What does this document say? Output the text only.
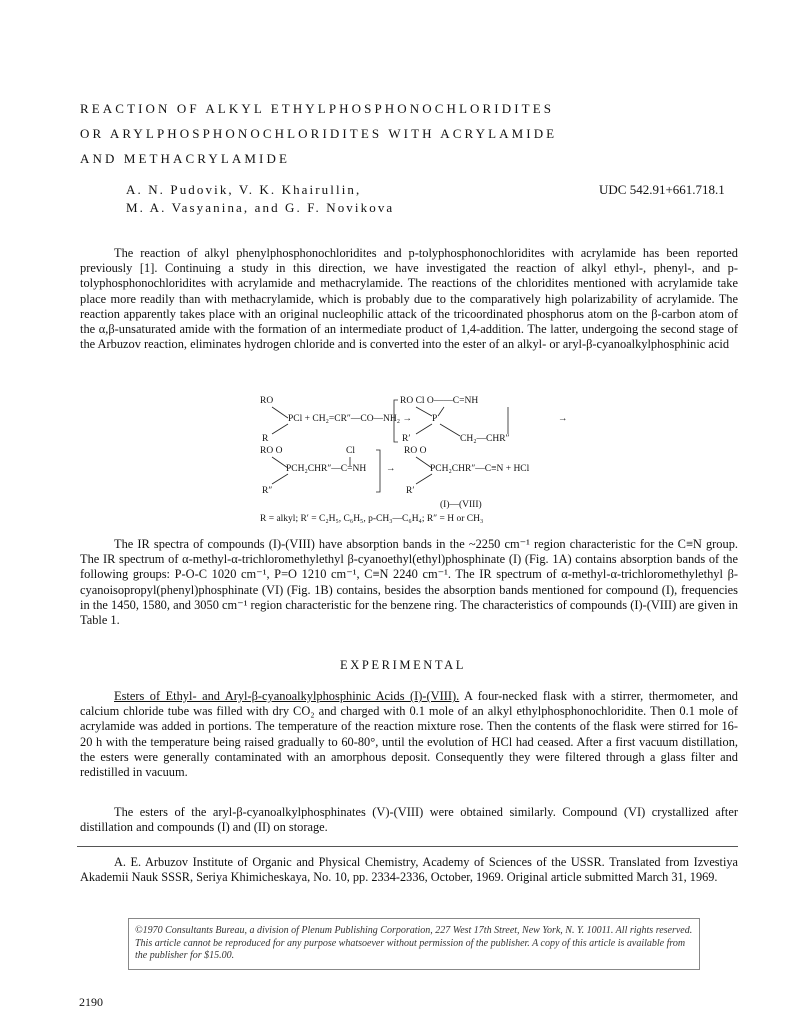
REACTION OF ALKYL ETHYLPHOSPHONOCHLORIDITES
OR ARYLPHOSPHONOCHLORIDITES WITH ACRYLAMIDE
AND METHACRYLAMIDE
A. N. Pudovik, V. K. Khairullin,
M. A. Vasyanina, and G. F. Novikova
UDC 542.91+661.718.1
The reaction of alkyl phenylphosphonochloridites and p-tolyphosphonochloridites with acrylamide has been reported previously [1]. Continuing a study in this direction, we have investigated the reaction of alkyl ethyl-, phenyl-, and p-tolyphosphonochloridites with acrylamide and methacrylamide. The reactions of the chloridites mentioned with acrylamide take place more readily than with methacrylamide, which is probably due to the comparatively high polarizability of acrylamide. The reaction apparently takes place with an original nucleophilic attack of the tricoordinated phosphorus atom on the β-carbon atom of the α,β-unsaturated amide with the formation of an intermediate product of 1,4-addition. The latter, undergoing the second stage of the Arbuzov reaction, eliminates hydrogen chloride and is converted into the ester of an alkyl- or aryl-β-cyanoalkylphosphinic acid
RO
PCl + CH₂=CR″—CO—NH₂ →
R
RO Cl O——C=NH
P
R′	CH₂—CHR″
→
RO O	Cl
PCH₂CHR″—C=NH
R″
→
RO O
PCH₂CHR″—C≡N + HCl
R′
(I)—(VIII)
R = alkyl; R′ = C₂H₅, C₆H₅, p-CH₃—C₆H₄; R″ = H or CH₃
The IR spectra of compounds (I)-(VIII) have absorption bands in the ~2250 cm⁻¹ region characteristic for the C≡N group. The IR spectrum of α-methyl-α-trichloromethylethyl β-cyanoethyl(ethyl)phosphinate (I) (Fig. 1A) contains absorption bands of the following groups: P-O-C 1020 cm⁻¹, P=O 1210 cm⁻¹, C≡N 2240 cm⁻¹. The IR spectrum of α-methyl-α-trichloromethylethyl β-cyanoisopropyl(phenyl)phosphinate (VI) (Fig. 1B) contains, besides the absorption bands mentioned for compound (I), frequencies in the 1450, 1580, and 3050 cm⁻¹ region characteristic for the benzene ring. The characteristics of compounds (I)-(VIII) are given in Table 1.
EXPERIMENTAL
Esters of Ethyl- and Aryl-β-cyanoalkylphosphinic Acids (I)-(VIII). A four-necked flask with a stirrer, thermometer, and calcium chloride tube was filled with dry CO₂ and charged with 0.1 mole of an alkyl ethylphosphonochloridite. Then 0.1 mole of acrylamide was added in portions. The temperature of the reaction mixture rose. Then the contents of the flask were stirred for 16-20 h with the temperature being raised gradually to 60-80°, until the evolution of HCl had ceased. After a first vacuum distillation, the esters were generally contaminated with an amorphous deposit. Consequently they were filtered through a glass filter and redistilled in vacuum.
The esters of the aryl-β-cyanoalkylphosphinates (V)-(VIII) were obtained similarly. Compound (VI) crystallized after distillation and compounds (I) and (II) on storage.
A. E. Arbuzov Institute of Organic and Physical Chemistry, Academy of Sciences of the USSR. Translated from Izvestiya Akademii Nauk SSSR, Seriya Khimicheskaya, No. 10, pp. 2334-2336, October, 1969. Original article submitted March 31, 1969.
©1970 Consultants Bureau, a division of Plenum Publishing Corporation, 227 West 17th Street, New York, N. Y. 10011. All rights reserved. This article cannot be reproduced for any purpose whatsoever without permission of the publisher. A copy of this article is available from the publisher for $15.00.
2190
